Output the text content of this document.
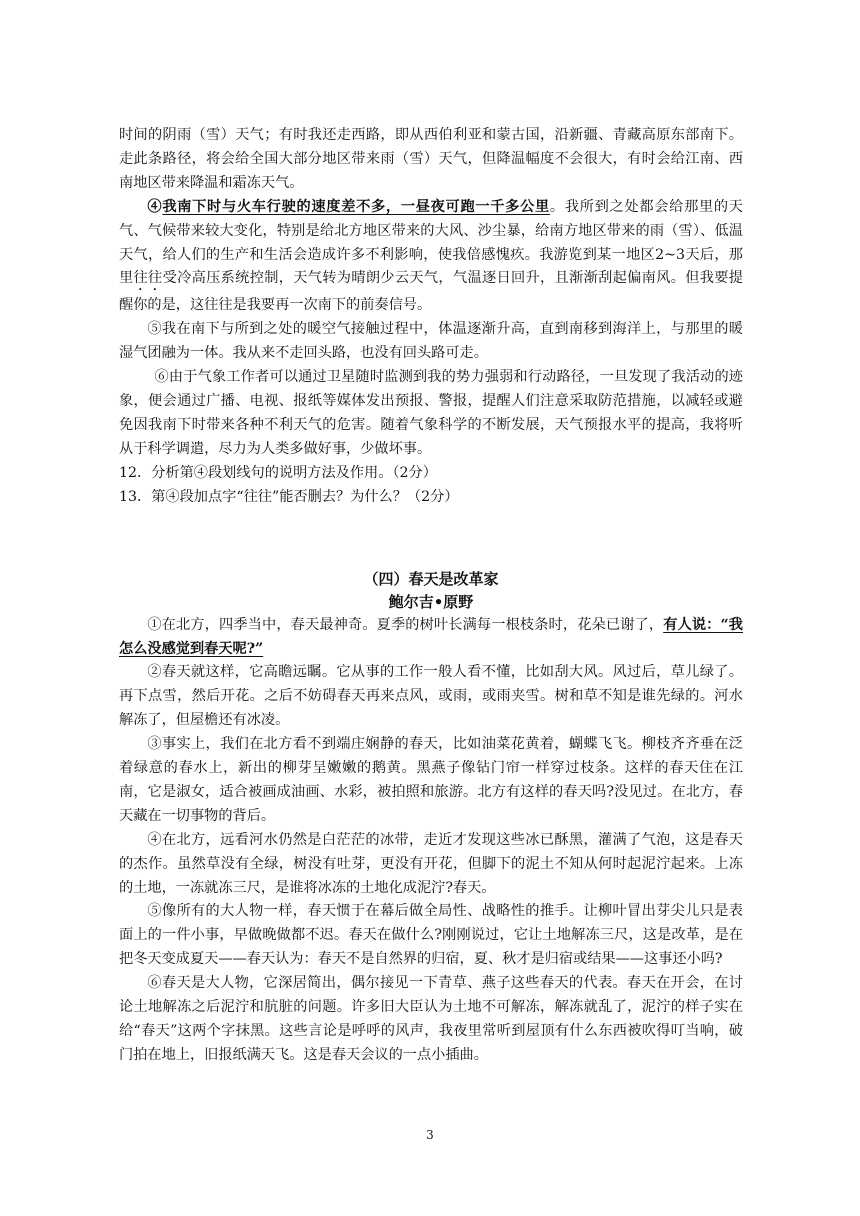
时间的阴雨（雪）天气；有时我还走西路，即从西伯利亚和蒙古国，沿新疆、青藏高原东部南下。走此条路径，将会给全国大部分地区带来雨（雪）天气，但降温幅度不会很大，有时会给江南、西南地区带来降温和霜冻天气。

④我南下时与火车行驶的速度差不多，一昼夜可跑一千多公里。我所到之处都会给那里的天气、气候带来较大变化，特别是给北方地区带来的大风、沙尘暴，给南方地区带来的雨（雪）、低温天气，给人们的生产和生活会造成许多不利影响，使我倍感愧疚。我游览到某一地区2~3天后，那里往往受冷高压系统控制，天气转为晴朗少云天气，气温逐日回升，且渐渐刮起偏南风。但我要提醒你的是，这往往是我要再一次南下的前奏信号。

⑤我在南下与所到之处的暖空气接触过程中，体温逐渐升高，直到南移到海洋上，与那里的暖湿气团融为一体。我从来不走回头路，也没有回头路可走。

⑥由于气象工作者可以通过卫星随时监测到我的势力强弱和行动路径，一旦发现了我活动的迹象，便会通过广播、电视、报纸等媒体发出预报、警报，提醒人们注意采取防范措施，以减轻或避免因我南下时带来各种不利天气的危害。随着气象科学的不断发展，天气预报水平的提高，我将听从于科学调遣，尽力为人类多做好事，少做坏事。

12．分析第④段划线句的说明方法及作用。（2分）

13．第④段加点字“往往”能否删去？为什么？（2分）

（四）春天是改革家

鲍尔吉•原野

①在北方，四季当中，春天最神奇。夏季的树叶长满每一根枝条时，花朵已谢了，有人说：“我怎么没感觉到春天呢?”

②春天就这样，它高瞻远瞩。它从事的工作一般人看不懂，比如刮大风。风过后，草儿绿了。再下点雪，然后开花。之后不妨碍春天再来点风，或雨，或雨夹雪。树和草不知是谁先绿的。河水解冻了，但屋檐还有冰凌。

③事实上，我们在北方看不到端庄娴静的春天，比如油菜花黄着，蝴蝶飞飞。柳枝齐齐垂在泛着绿意的春水上，新出的柳芽呈嫩嫩的鹅黄。黑燕子像钻门帘一样穿过枝条。这样的春天住在江南，它是淑女，适合被画成油画、水彩，被拍照和旅游。北方有这样的春天吗?没见过。在北方，春天藏在一切事物的背后。

④在北方，远看河水仍然是白茫茫的冰带，走近才发现这些冰已酥黑，灌满了气泡，这是春天的杰作。虽然草没有全绿，树没有吐芽，更没有开花，但脚下的泥土不知从何时起泥泞起来。上冻的土地，一冻就冻三尺，是谁将冰冻的土地化成泥泞?春天。

⑤像所有的大人物一样，春天惯于在幕后做全局性、战略性的推手。让柳叶冒出芽尖儿只是表面上的一件小事，早做晚做都不迟。春天在做什么?刚刚说过，它让土地解冻三尺，这是改革，是在把冬天变成夏天——春天认为：春天不是自然界的归宿，夏、秋才是归宿或结果——这事还小吗?

⑥春天是大人物，它深居简出，偶尔接见一下青草、燕子这些春天的代表。春天在开会，在讨论土地解冻之后泥泞和肮脏的问题。许多旧大臣认为土地不可解冻，解冻就乱了，泥泞的样子实在给“春天”这两个字抹黑。这些言论是呼呼的风声，我夜里常听到屋顶有什么东西被吹得叮当响，破门拍在地上，旧报纸满天飞。这是春天会议的一点小插曲。

3
